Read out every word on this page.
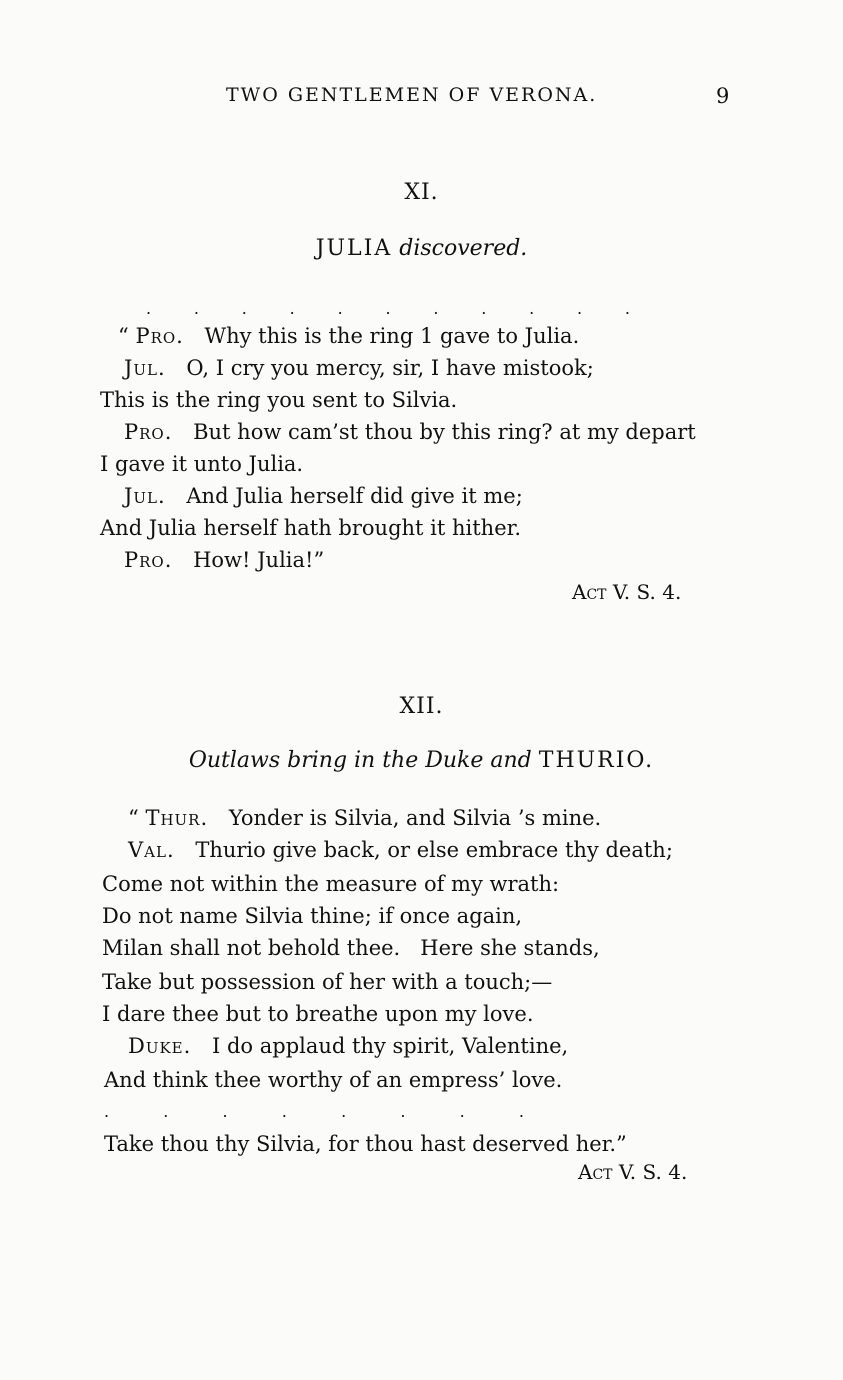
TWO GENTLEMEN OF VERONA.	9
XI.
JULIA discovered.
.	.	.	.	.	.	.	.	.	.	.
“ Pro. Why this is the ring 1 gave to Julia.
Jul. O, I cry you mercy, sir, I have mistook;
This is the ring you sent to Silvia.
Pro. But how cam’st thou by this ring? at my depart
I gave it unto Julia.
Jul. And Julia herself did give it me;
And Julia herself hath brought it hither.
Pro. How! Julia!”
Act V. S. 4.
XII.
Outlaws bring in the Duke and THURIO.
“ Thur. Yonder is Silvia, and Silvia ’s mine.
Val. Thurio give back, or else embrace thy death;
Come not within the measure of my wrath:
Do not name Silvia thine; if once again,
Milan shall not behold thee.   Here she stands,
Take but possession of her with a touch;—
I dare thee but to breathe upon my love.
Duke. I do applaud thy spirit, Valentine,
And think thee worthy of an empress’ love.
.	.	.	.	.	.	.	.
Take thou thy Silvia, for thou hast deserved her.”
Act V. S. 4.
